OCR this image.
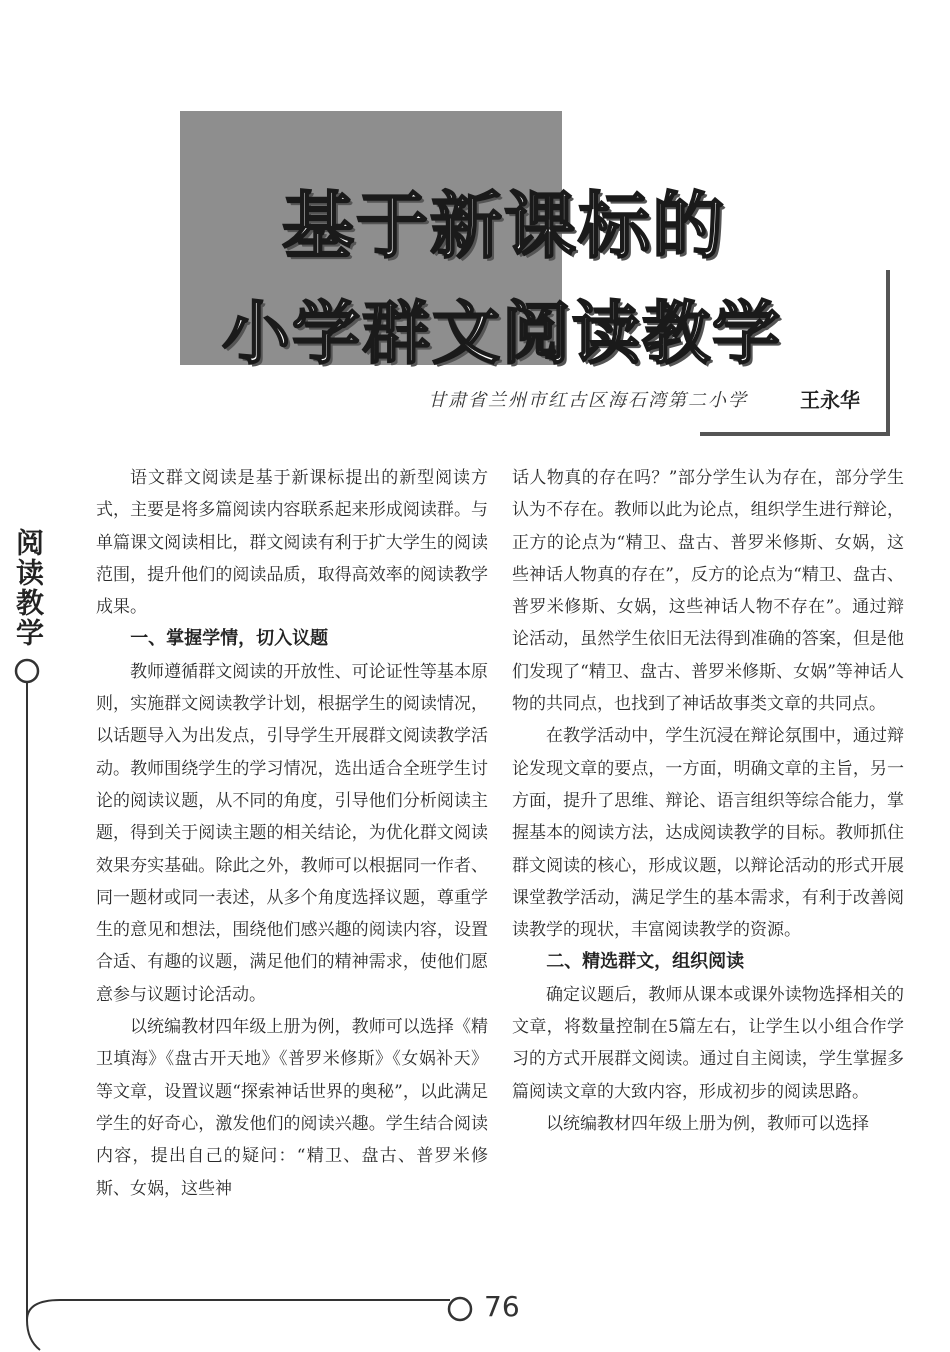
基于新课标的
小学群文阅读教学
甘肃省兰州市红古区海石湾第二小学	王永华
阅读教学

语文群文阅读是基于新课标提出的新型阅读方式，主要是将多篇阅读内容联系起来形成阅读群。与单篇课文阅读相比，群文阅读有利于扩大学生的阅读范围，提升他们的阅读品质，取得高效率的阅读教学成果。

一、掌握学情，切入议题

教师遵循群文阅读的开放性、可论证性等基本原则，实施群文阅读教学计划，根据学生的阅读情况，以话题导入为出发点，引导学生开展群文阅读教学活动。教师围绕学生的学习情况，选出适合全班学生讨论的阅读议题，从不同的角度，引导他们分析阅读主题，得到关于阅读主题的相关结论，为优化群文阅读效果夯实基础。除此之外，教师可以根据同一作者、同一题材或同一表述，从多个角度选择议题，尊重学生的意见和想法，围绕他们感兴趣的阅读内容，设置合适、有趣的议题，满足他们的精神需求，使他们愿意参与议题讨论活动。

以统编教材四年级上册为例，教师可以选择《精卫填海》《盘古开天地》《普罗米修斯》《女娲补天》等文章，设置议题“探索神话世界的奥秘”，以此满足学生的好奇心，激发他们的阅读兴趣。学生结合阅读内容，提出自己的疑问：“精卫、盘古、普罗米修斯、女娲，这些神

话人物真的存在吗？”部分学生认为存在，部分学生认为不存在。教师以此为论点，组织学生进行辩论，正方的论点为“精卫、盘古、普罗米修斯、女娲，这些神话人物真的存在”，反方的论点为“精卫、盘古、普罗米修斯、女娲，这些神话人物不存在”。通过辩论活动，虽然学生依旧无法得到准确的答案，但是他们发现了“精卫、盘古、普罗米修斯、女娲”等神话人物的共同点，也找到了神话故事类文章的共同点。

在教学活动中，学生沉浸在辩论氛围中，通过辩论发现文章的要点，一方面，明确文章的主旨，另一方面，提升了思维、辩论、语言组织等综合能力，掌握基本的阅读方法，达成阅读教学的目标。教师抓住群文阅读的核心，形成议题，以辩论活动的形式开展课堂教学活动，满足学生的基本需求，有利于改善阅读教学的现状，丰富阅读教学的资源。

二、精选群文，组织阅读

确定议题后，教师从课本或课外读物选择相关的文章，将数量控制在5篇左右，让学生以小组合作学习的方式开展群文阅读。通过自主阅读，学生掌握多篇阅读文章的大致内容，形成初步的阅读思路。

以统编教材四年级上册为例，教师可以选择

76
